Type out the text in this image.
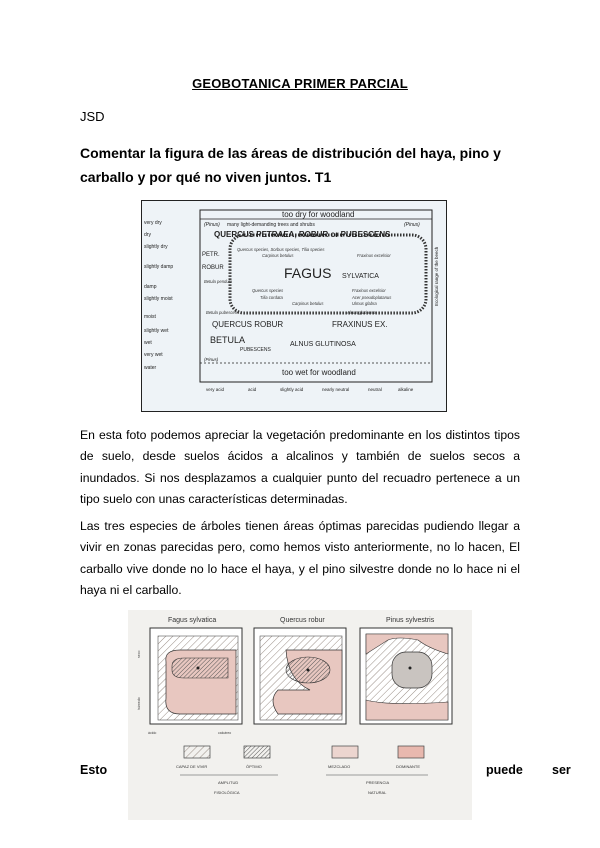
GEOBOTANICA PRIMER PARCIAL
JSD
Comentar la figura de las áreas de distribución del haya, pino y carballo y por qué no viven juntos. T1
very dry
dry
slightly dry
slightly damp
damp
slightly moist
moist
slightly wet
wet
very wet
water
very acid	acid	slightly acid	nearly neutral	neutral	alkaline
too dry for woodland
too wet for woodland
Ecological range of the beech
(Pinus) many light-demanding trees and shrubs	(Pinus)
QUERCUS PETRAEA, ROBUR or PUBESCENS
PETR.
ROBUR
Quercus species, Sorbus species, Tilia species
Carpinus betulus	Fraxinus excelsior
FAGUS SYLVATICA
Betula pendula
Quercus species	Fraxinus excelsior
Tilia cordata	Acer pseudoplatanus
Carpinus betulus	Ulmus glabra
Betula pubescens	Alnus glutinosa
QUERCUS ROBUR	FRAXINUS EX.
BETULA
PUBESCENS
ALNUS GLUTINOSA
(Pinus)
En esta foto podemos apreciar la vegetación predominante en los distintos tipos de suelo, desde suelos ácidos a alcalinos y también de suelos secos a inundados. Si nos desplazamos a cualquier punto del recuadro pertenece a un tipo suelo con unas características determinadas.
Las tres especies de árboles tienen áreas óptimas parecidas pudiendo llegar a vivir en zonas parecidas pero, como hemos visto anteriormente, no lo hacen, El carballo vive donde no lo hace el haya, y el pino silvestre donde no lo hace ni el haya ni el carballo.
Fagus sylvatica	Quercus robur	Pinus sylvestris
seco
húmedo
ácido	calcáreo
CAPAZ DE VIVIR	ÓPTIMO	MEZCLADO	DOMINANTE
AMPLITUD
FISIOLÓGICA
PRESENCIA
NATURAL
Esto	puede ser
